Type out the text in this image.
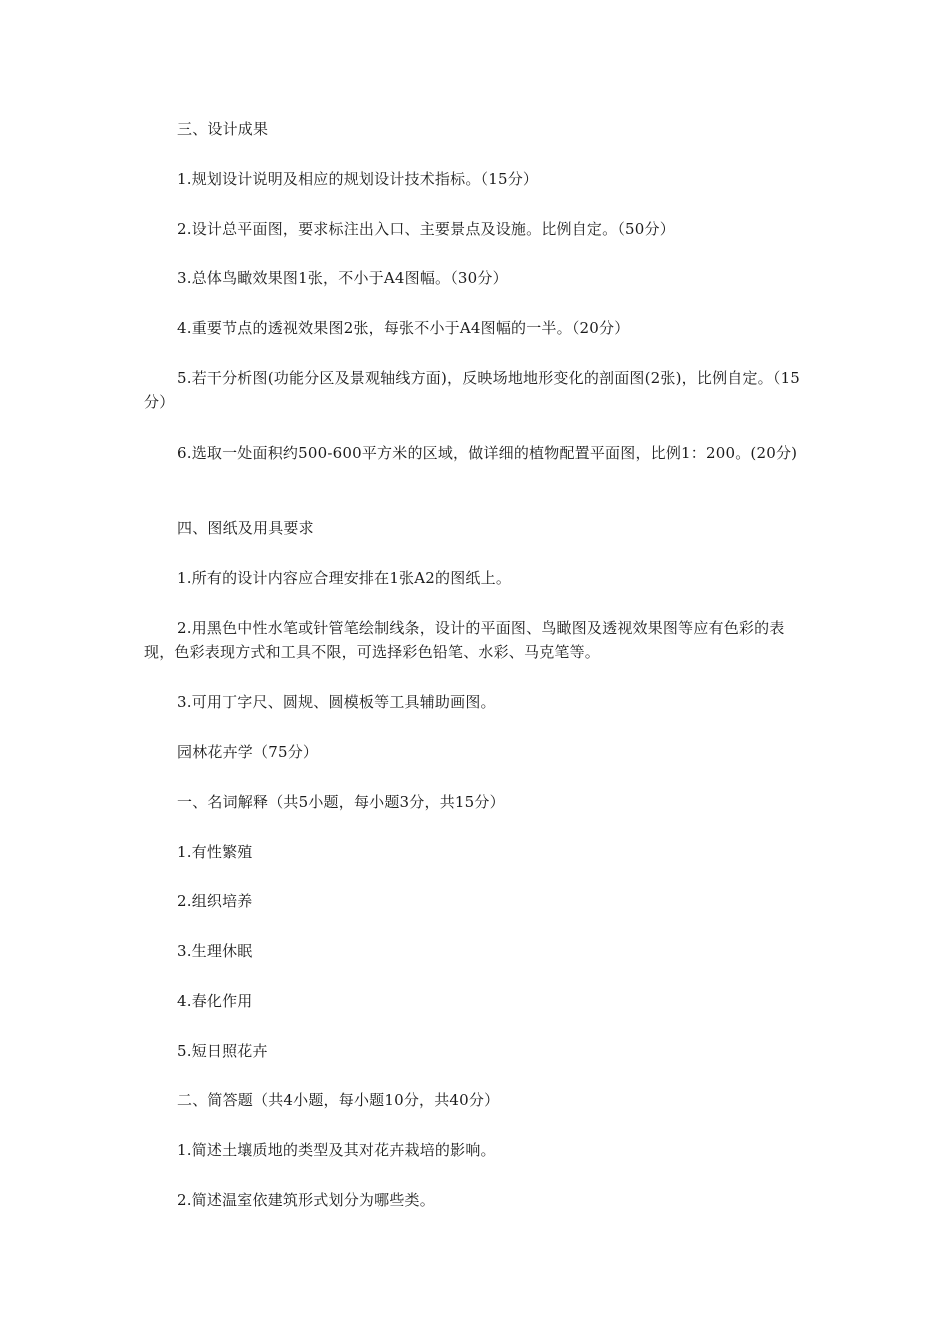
三、设计成果

1.规划设计说明及相应的规划设计技术指标。（15分）

2.设计总平面图，要求标注出入口、主要景点及设施。比例自定。（50分）

3.总体鸟瞰效果图1张，不小于A4图幅。（30分）

4.重要节点的透视效果图2张，每张不小于A4图幅的一半。（20分）

5.若干分析图(功能分区及景观轴线方面)，反映场地地形变化的剖面图(2张)，比例自定。（15分）

6.选取一处面积约500-600平方米的区域，做详细的植物配置平面图，比例1：200。(20分)

四、图纸及用具要求

1.所有的设计内容应合理安排在1张A2的图纸上。

2.用黑色中性水笔或针管笔绘制线条，设计的平面图、鸟瞰图及透视效果图等应有色彩的表现，色彩表现方式和工具不限，可选择彩色铅笔、水彩、马克笔等。

3.可用丁字尺、圆规、圆模板等工具辅助画图。

园林花卉学（75分）

一、名词解释（共5小题，每小题3分，共15分）

1.有性繁殖

2.组织培养

3.生理休眠

4.春化作用

5.短日照花卉

二、简答题（共4小题，每小题10分，共40分）

1.简述土壤质地的类型及其对花卉栽培的影响。

2.简述温室依建筑形式划分为哪些类。
